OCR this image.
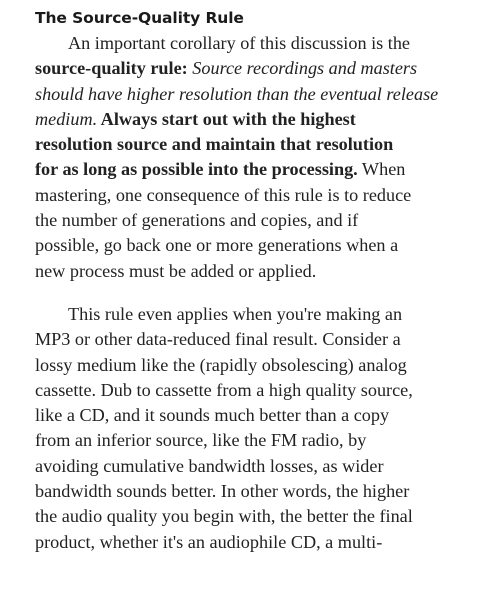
The Source-Quality Rule
An important corollary of this discussion is the
source-quality rule: Source recordings and masters
should have higher resolution than the eventual release
medium. Always start out with the highest
resolution source and maintain that resolution
for as long as possible into the processing. When
mastering, one consequence of this rule is to reduce
the number of generations and copies, and if
possible, go back one or more generations when a
new process must be added or applied.
This rule even applies when you're making an
MP3 or other data-reduced final result. Consider a
lossy medium like the (rapidly obsolescing) analog
cassette. Dub to cassette from a high quality source,
like a CD, and it sounds much better than a copy
from an inferior source, like the FM radio, by
avoiding cumulative bandwidth losses, as wider
bandwidth sounds better. In other words, the higher
the audio quality you begin with, the better the final
product, whether it's an audiophile CD, a multi-
